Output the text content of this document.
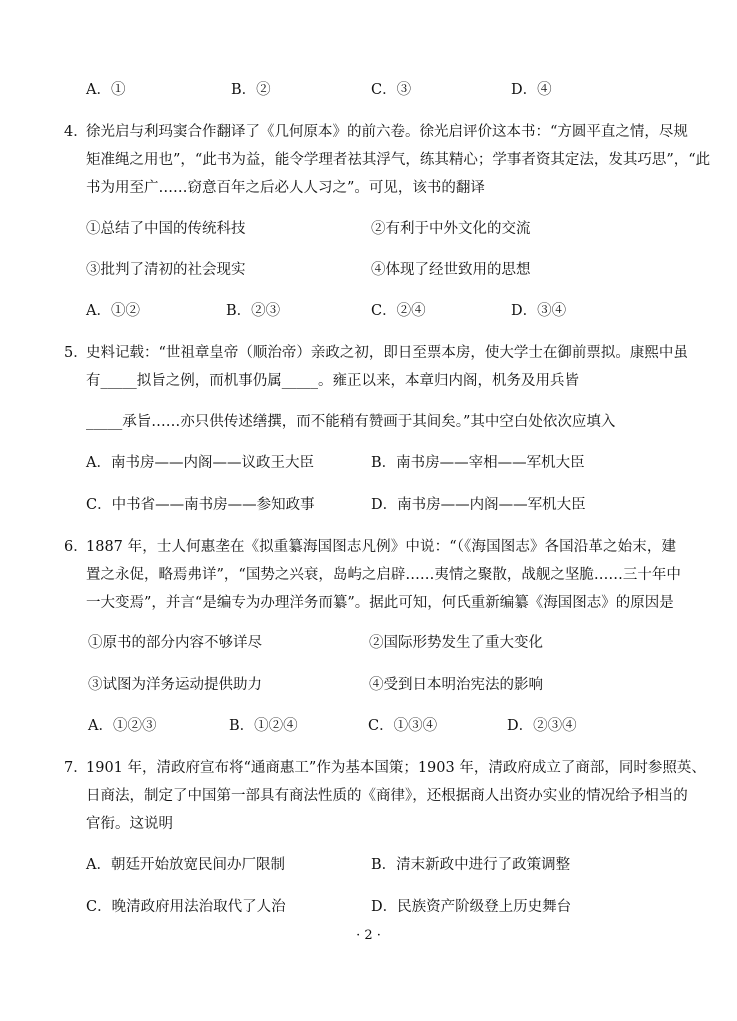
A．①	B．②	C．③	D．④
4．
徐光启与利玛窦合作翻译了《几何原本》的前六卷。徐光启评价这本书：“方圆平直之情，尽规
矩准绳之用也”，“此书为益，能令学理者祛其浮气，练其精心；学事者资其定法，发其巧思”，“此
书为用至广……窃意百年之后必人人习之”。可见，该书的翻译
①总结了中国的传统科技	②有利于中外文化的交流
③批判了清初的社会现实	④体现了经世致用的思想
A．①②	B．②③	C．②④	D．③④
5．
史料记载：“世祖章皇帝（顺治帝）亲政之初，即日至票本房，使大学士在御前票拟。康熙中虽
有_____拟旨之例，而机事仍属_____。雍正以来，本章归内阁，机务及用兵皆
_____承旨……亦只供传述缮撰，而不能稍有赞画于其间矣。”其中空白处依次应填入
A．南书房——内阁——议政王大臣	B．南书房——宰相——军机大臣
C．中书省——南书房——参知政事	D．南书房——内阁——军机大臣
6．
1887 年，士人何惠垄在《拟重纂海国图志凡例》中说：“（《海国图志》各国沿革之始末，建
置之永促，略焉弗详”，“国势之兴衰，岛屿之启辟……夷情之聚散，战舰之坚脆……三十年中
一大变焉”，并言“是编专为办理洋务而纂”。据此可知，何氏重新编纂《海国图志》的原因是
①原书的部分内容不够详尽	②国际形势发生了重大变化
③试图为洋务运动提供助力	④受到日本明治宪法的影响
A．①②③	B．①②④	C．①③④	D．②③④
7．
1901 年，清政府宣布将“通商惠工”作为基本国策；1903 年，清政府成立了商部，同时参照英、
日商法，制定了中国第一部具有商法性质的《商律》，还根据商人出资办实业的情况给予相当的
官衔。这说明
A．朝廷开始放宽民间办厂限制	B．清末新政中进行了政策调整
C．晚清政府用法治取代了人治	D．民族资产阶级登上历史舞台
· 2 ·
